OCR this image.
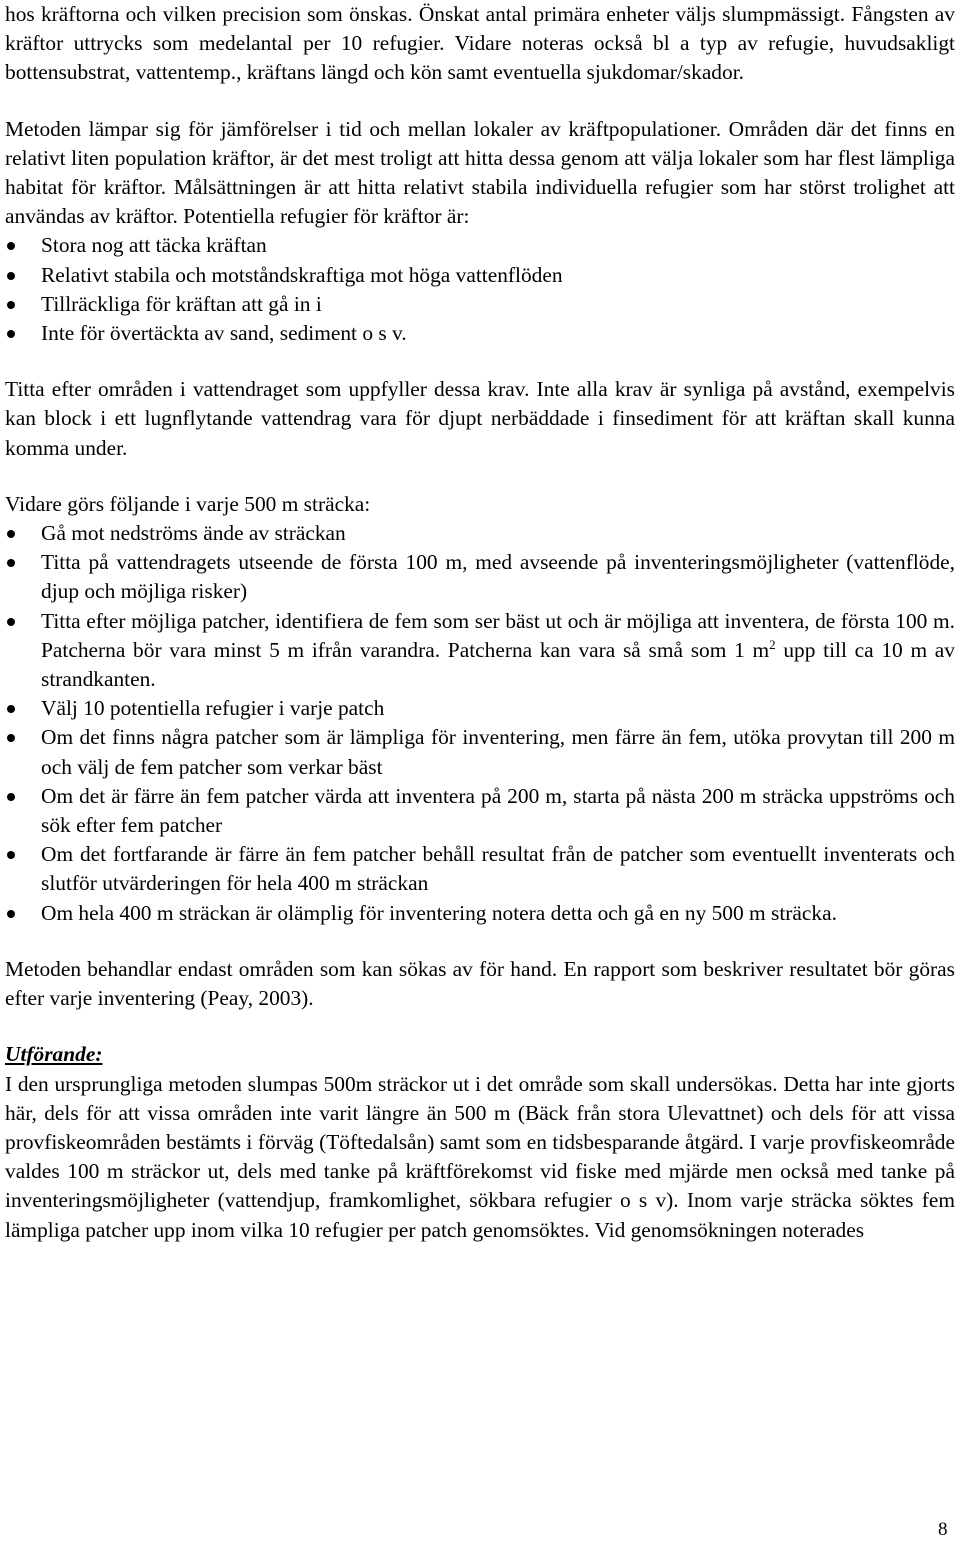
hos kräftorna och vilken precision som önskas. Önskat antal primära enheter väljs slumpmässigt. Fångsten av kräftor uttrycks som medelantal per 10 refugier. Vidare noteras också bl a typ av refugie, huvudsakligt bottensubstrat, vattentemp., kräftans längd och kön samt eventuella sjukdomar/skador.

Metoden lämpar sig för jämförelser i tid och mellan lokaler av kräftpopulationer. Områden där det finns en relativt liten population kräftor, är det mest troligt att hitta dessa genom att välja lokaler som har flest lämpliga habitat för kräftor. Målsättningen är att hitta relativt stabila individuella refugier som har störst trolighet att användas av kräftor. Potentiella refugier för kräftor är:

Stora nog att täcka kräftan
Relativt stabila och motståndskraftiga mot höga vattenflöden
Tillräckliga för kräftan att gå in i
Inte för övertäckta av sand, sediment o s v.

Titta efter områden i vattendraget som uppfyller dessa krav. Inte alla krav är synliga på avstånd, exempelvis kan block i ett lugnflytande vattendrag vara för djupt nerbäddade i finsediment för att kräftan skall kunna komma under.

Vidare görs följande i varje 500 m sträcka:

Gå mot nedströms ände av sträckan
Titta på vattendragets utseende de första 100 m, med avseende på inventeringsmöjligheter (vattenflöde, djup och möjliga risker)
Titta efter möjliga patcher, identifiera de fem som ser bäst ut och är möjliga att inventera, de första 100 m. Patcherna bör vara minst 5 m ifrån varandra. Patcherna kan vara så små som 1 $m^2$ upp till ca 10 m av strandkanten.
Välj 10 potentiella refugier i varje patch
Om det finns några patcher som är lämpliga för inventering, men färre än fem, utöka provytan till 200 m och välj de fem patcher som verkar bäst
Om det är färre än fem patcher värda att inventera på 200 m, starta på nästa 200 m sträcka uppströms och sök efter fem patcher
Om det fortfarande är färre än fem patcher behåll resultat från de patcher som eventuellt inventerats och slutför utvärderingen för hela 400 m sträckan
Om hela 400 m sträckan är olämplig för inventering notera detta och gå en ny 500 m sträcka.

Metoden behandlar endast områden som kan sökas av för hand. En rapport som beskriver resultatet bör göras efter varje inventering (Peay, 2003).

Utförande:

I den ursprungliga metoden slumpas 500m sträckor ut i det område som skall undersökas. Detta har inte gjorts här, dels för att vissa områden inte varit längre än 500 m (Bäck från stora Ulevattnet) och dels för att vissa provfiskeområden bestämts i förväg (Töftedalsån) samt som en tidsbesparande åtgärd. I varje provfiskeområde valdes 100 m sträckor ut, dels med tanke på kräftförekomst vid fiske med mjärde men också med tanke på inventeringsmöjligheter (vattendjup, framkomlighet, sökbara refugier o s v). Inom varje sträcka söktes fem lämpliga patcher upp inom vilka 10 refugier per patch genomsöktes. Vid genomsökningen noterades

8
